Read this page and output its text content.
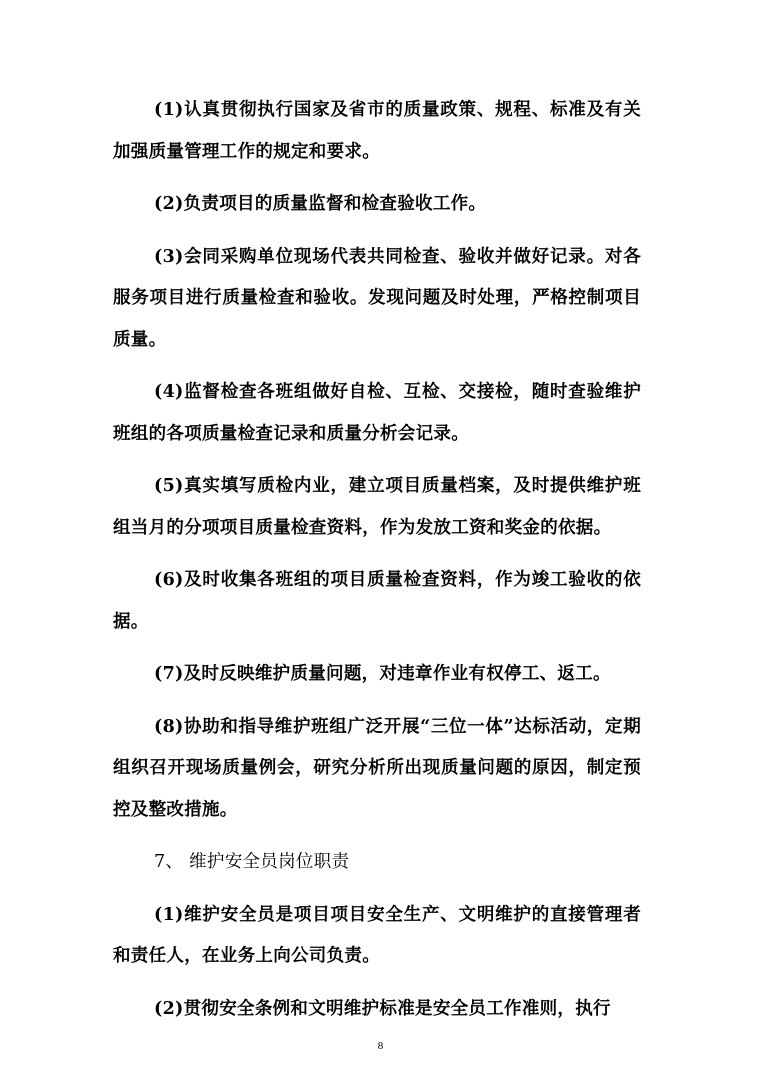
(1)认真贯彻执行国家及省市的质量政策、规程、标准及有关加强质量管理工作的规定和要求。

(2)负责项目的质量监督和检查验收工作。

(3)会同采购单位现场代表共同检查、验收并做好记录。对各服务项目进行质量检查和验收。发现问题及时处理，严格控制项目质量。

(4)监督检查各班组做好自检、互检、交接检，随时查验维护班组的各项质量检查记录和质量分析会记录。

(5)真实填写质检内业，建立项目质量档案，及时提供维护班组当月的分项项目质量检查资料，作为发放工资和奖金的依据。

(6)及时收集各班组的项目质量检查资料，作为竣工验收的依据。

(7)及时反映维护质量问题，对违章作业有权停工、返工。

(8)协助和指导维护班组广泛开展“三位一体”达标活动，定期组织召开现场质量例会，研究分析所出现质量问题的原因，制定预控及整改措施。

7、 维护安全员岗位职责

(1)维护安全员是项目项目安全生产、文明维护的直接管理者和责任人，在业务上向公司负责。

(2)贯彻安全条例和文明维护标准是安全员工作准则，执行

8
